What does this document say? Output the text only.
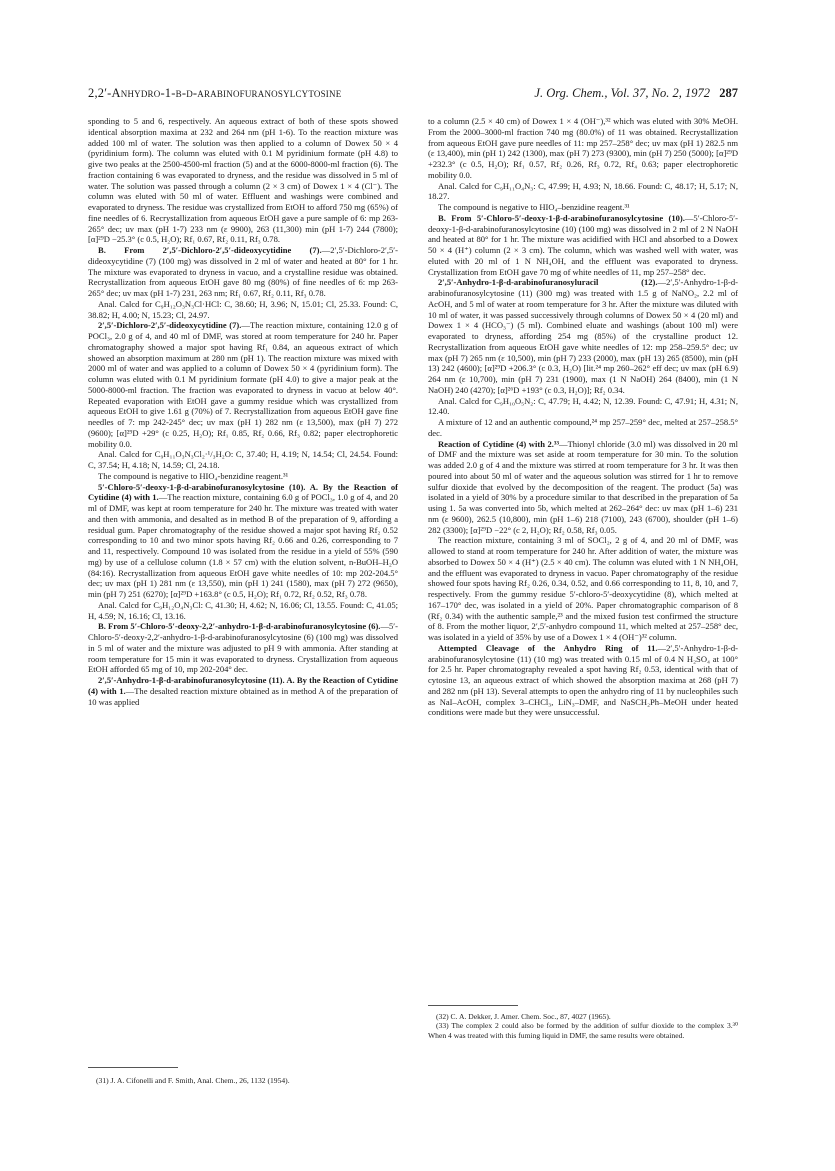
2,2′-Anhydro-1-β-d-arabinofuranosylcytosine	J. Org. Chem., Vol. 37, No. 2, 1972 287

sponding to 5 and 6, respectively. An aqueous extract of both of these spots showed identical absorption maxima at 232 and 264 nm (pH 1-6). To the reaction mixture was added 100 ml of water. The solution was then applied to a column of Dowex 50 × 4 (pyridinium form). The column was eluted with 0.1 M pyridinium formate (pH 4.8) to give two peaks at the 2500-4500-ml fraction (5) and at the 6000-8000-ml fraction (6). The fraction containing 6 was evaporated to dryness, and the residue was dissolved in 5 ml of water. The solution was passed through a column (2 × 3 cm) of Dowex 1 × 4 (Cl⁻). The column was eluted with 50 ml of water. Effluent and washings were combined and evaporated to dryness. The residue was crystallized from EtOH to afford 750 mg (65%) of fine needles of 6. Recrystallization from aqueous EtOH gave a pure sample of 6: mp 263-265° dec; uv max (pH 1-7) 233 nm (ε 9900), 263 (11,300) min (pH 1-7) 244 (7800); [α]²⁹D −25.3° (c 0.5, H₂O); Rf₁ 0.67, Rf₂ 0.11, Rf₃ 0.78.

B. From 2′,5′-Dichloro-2′,5′-dideoxycytidine (7).—2′,5′-Dichloro-2′,5′-dideoxycytidine (7) (100 mg) was dissolved in 2 ml of water and heated at 80° for 1 hr. The mixture was evaporated to dryness in vacuo, and a crystalline residue was obtained. Recrystallization from aqueous EtOH gave 80 mg (80%) of fine needles of 6: mp 263-265° dec; uv max (pH 1-7) 231, 263 nm; Rf₁ 0.67, Rf₂ 0.11, Rf₃ 0.78.

Anal. Calcd for C₉H₁₂O₃N₃Cl·HCl: C, 38.60; H, 3.96; N, 15.01; Cl, 25.33. Found: C, 38.82; H, 4.00; N, 15.23; Cl, 24.97.

2′,5′-Dichloro-2′,5′-dideoxycytidine (7).—The reaction mixture, containing 12.0 g of POCl₃, 2.0 g of 4, and 40 ml of DMF, was stored at room temperature for 240 hr. Paper chromatography showed a major spot having Rf₁ 0.84, an aqueous extract of which showed an absorption maximum at 280 nm (pH 1). The reaction mixture was mixed with 2000 ml of water and was applied to a column of Dowex 50 × 4 (pyridinium form). The column was eluted with 0.1 M pyridinium formate (pH 4.0) to give a major peak at the 5000-8000-ml fraction. The fraction was evaporated to dryness in vacuo at below 40°. Repeated evaporation with EtOH gave a gummy residue which was crystallized from aqueous EtOH to give 1.61 g (70%) of 7. Recrystallization from aqueous EtOH gave fine needles of 7: mp 242-245° dec; uv max (pH 1) 282 nm (ε 13,500), max (pH 7) 272 (9600); [α]²⁹D +29° (c 0.25, H₂O); Rf₁ 0.85, Rf₂ 0.66, Rf₃ 0.82; paper electrophoretic mobility 0.0.

Anal. Calcd for C₉H₁₁O₃N₃Cl₂·¹/₃H₂O: C, 37.40; H, 4.19; N, 14.54; Cl, 24.54. Found: C, 37.54; H, 4.18; N, 14.59; Cl, 24.18.

The compound is negative to HIO₄-benzidine reagent.³¹

5′-Chloro-5′-deoxy-1-β-d-arabinofuranosylcytosine (10). A. By the Reaction of Cytidine (4) with 1.—The reaction mixture, containing 6.0 g of POCl₃, 1.0 g of 4, and 20 ml of DMF, was kept at room temperature for 240 hr. The mixture was treated with water and then with ammonia, and desalted as in method B of the preparation of 9, affording a residual gum. Paper chromatography of the residue showed a major spot having Rf₂ 0.52 corresponding to 10 and two minor spots having Rf₂ 0.66 and 0.26, corresponding to 7 and 11, respectively. Compound 10 was isolated from the residue in a yield of 55% (590 mg) by use of a cellulose column (1.8 × 57 cm) with the elution solvent, n-BuOH–H₂O (84:16). Recrystallization from aqueous EtOH gave white needles of 10: mp 202-204.5° dec; uv max (pH 1) 281 nm (ε 13,550), min (pH 1) 241 (1580), max (pH 7) 272 (9650), min (pH 7) 251 (6270); [α]²⁹D +163.8° (c 0.5, H₂O); Rf₁ 0.72, Rf₂ 0.52, Rf₃ 0.78.

Anal. Calcd for C₉H₁₂O₄N₃Cl: C, 41.30; H, 4.62; N, 16.06; Cl, 13.55. Found: C, 41.05; H, 4.59; N, 16.16; Cl, 13.16.

B. From 5′-Chloro-5′-deoxy-2,2′-anhydro-1-β-d-arabinofuranosylcytosine (6).—5′-Chloro-5′-deoxy-2,2′-anhydro-1-β-d-arabinofuranosylcytosine (6) (100 mg) was dissolved in 5 ml of water and the mixture was adjusted to pH 9 with ammonia. After standing at room temperature for 15 min it was evaporated to dryness. Crystallization from aqueous EtOH afforded 65 mg of 10, mp 202-204° dec.

2′,5′-Anhydro-1-β-d-arabinofuranosylcytosine (11). A. By the Reaction of Cytidine (4) with 1.—The desalted reaction mixture obtained as in method A of the preparation of 10 was applied

to a column (2.5 × 40 cm) of Dowex 1 × 4 (OH⁻),³² which was eluted with 30% MeOH. From the 2000–3000-ml fraction 740 mg (80.0%) of 11 was obtained. Recrystallization from aqueous EtOH gave pure needles of 11: mp 257–258° dec; uv max (pH 1) 282.5 nm (ε 13,400), min (pH 1) 242 (1300), max (pH 7) 273 (9300), min (pH 7) 250 (5000); [α]²⁹D +232.3° (c 0.5, H₂O); Rf₁ 0.57, Rf₂ 0.26, Rf₃ 0.72, Rf₄ 0.63; paper electrophoretic mobility 0.0.

Anal. Calcd for C₉H₁₁O₄N₃: C, 47.99; H, 4.93; N, 18.66. Found: C, 48.17; H, 5.17; N, 18.27.

The compound is negative to HIO₄–benzidine reagent.³¹

B. From 5′-Chloro-5′-deoxy-1-β-d-arabinofuranosylcytosine (10).—5′-Chloro-5′-deoxy-1-β-d-arabinofuranosylcytosine (10) (100 mg) was dissolved in 2 ml of 2 N NaOH and heated at 80° for 1 hr. The mixture was acidified with HCl and absorbed to a Dowex 50 × 4 (H⁺) column (2 × 3 cm). The column, which was washed well with water, was eluted with 20 ml of 1 N NH₄OH, and the effluent was evaporated to dryness. Crystallization from EtOH gave 70 mg of white needles of 11, mp 257–258° dec.

2′,5′-Anhydro-1-β-d-arabinofuranosyluracil (12).—2′,5′-Anhydro-1-β-d-arabinofuranosylcytosine (11) (300 mg) was treated with 1.5 g of NaNO₂, 2.2 ml of AcOH, and 5 ml of water at room temperature for 3 hr. After the mixture was diluted with 10 ml of water, it was passed successively through columns of Dowex 50 × 4 (20 ml) and Dowex 1 × 4 (HCO₃⁻) (5 ml). Combined eluate and washings (about 100 ml) were evaporated to dryness, affording 254 mg (85%) of the crystalline product 12. Recrystallization from aqueous EtOH gave white needles of 12: mp 258–259.5° dec; uv max (pH 7) 265 nm (ε 10,500), min (pH 7) 233 (2000), max (pH 13) 265 (8500), min (pH 13) 242 (4600); [α]²⁹D +206.3° (c 0.3, H₂O) [lit.²⁴ mp 260–262° eff dec; uv max (pH 6.9) 264 nm (ε 10,700), min (pH 7) 231 (1900), max (1 N NaOH) 264 (8400), min (1 N NaOH) 240 (4270); [α]²⁶D +193° (c 0.3, H₂O)]; Rf₂ 0.34.

Anal. Calcd for C₉H₁₀O₅N₂: C, 47.79; H, 4.42; N, 12.39. Found: C, 47.91; H, 4.31; N, 12.40.

A mixture of 12 and an authentic compound,²⁴ mp 257–259° dec, melted at 257–258.5° dec.

Reaction of Cytidine (4) with 2.³³—Thionyl chloride (3.0 ml) was dissolved in 20 ml of DMF and the mixture was set aside at room temperature for 30 min. To the solution was added 2.0 g of 4 and the mixture was stirred at room temperature for 3 hr. It was then poured into about 50 ml of water and the aqueous solution was stirred for 1 hr to remove sulfur dioxide that evolved by the decomposition of the reagent. The product (5a) was isolated in a yield of 30% by a procedure similar to that described in the preparation of 5a using 1. 5a was converted into 5b, which melted at 262–264° dec: uv max (pH 1–6) 231 nm (ε 9600), 262.5 (10,800), min (pH 1–6) 218 (7100), 243 (6700), shoulder (pH 1–6) 282 (3300); [α]²⁹D −22° (c 2, H₂O); Rf₂ 0.58, Rf₃ 0.05.

The reaction mixture, containing 3 ml of SOCl₂, 2 g of 4, and 20 ml of DMF, was allowed to stand at room temperature for 240 hr. After addition of water, the mixture was absorbed to Dowex 50 × 4 (H⁺) (2.5 × 40 cm). The column was eluted with 1 N NH₄OH, and the effluent was evaporated to dryness in vacuo. Paper chromatography of the residue showed four spots having Rf₂ 0.26, 0.34, 0.52, and 0.66 corresponding to 11, 8, 10, and 7, respectively. From the gummy residue 5′-chloro-5′-deoxycytidine (8), which melted at 167–170° dec, was isolated in a yield of 20%. Paper chromatographic comparison of 8 (Rf₂ 0.34) with the authentic sample,²³ and the mixed fusion test confirmed the structure of 8. From the mother liquor, 2′,5′-anhydro compound 11, which melted at 257–258° dec, was isolated in a yield of 35% by use of a Dowex 1 × 4 (OH⁻)³² column.

Attempted Cleavage of the Anhydro Ring of 11.—2′,5′-Anhydro-1-β-d-arabinofuranosylcytosine (11) (10 mg) was treated with 0.15 ml of 0.4 N H₂SO₄ at 100° for 2.5 hr. Paper chromatography revealed a spot having Rf₂ 0.53, identical with that of cytosine 13, an aqueous extract of which showed the absorption maxima at 268 (pH 7) and 282 nm (pH 13). Several attempts to open the anhydro ring of 11 by nucleophiles such as NaI–AcOH, complex 3–CHCl₃, LiN₃–DMF, and NaSCH₂Ph–MeOH under heated conditions were made but they were unsuccessful.

(31) J. A. Cifonelli and F. Smith, Anal. Chem., 26, 1132 (1954).

(32) C. A. Dekker, J. Amer. Chem. Soc., 87, 4027 (1965).

(33) The complex 2 could also be formed by the addition of sulfur dioxide to the complex 3.³⁰ When 4 was treated with this fuming liquid in DMF, the same results were obtained.
